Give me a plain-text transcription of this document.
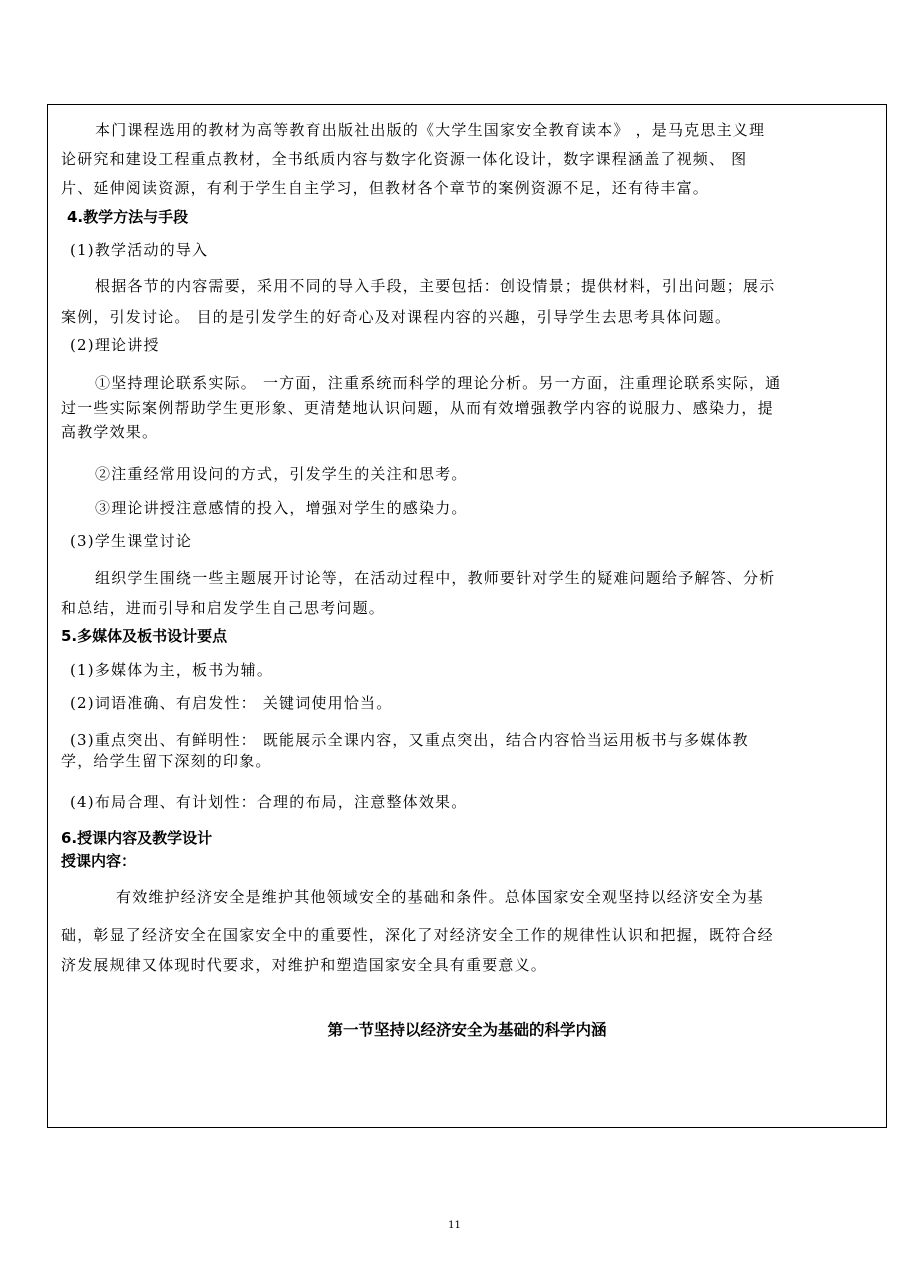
本门课程选用的教材为高等教育出版社出版的《大学生国家安全教育读本》 ，是马克思主义理
论研究和建设工程重点教材，全书纸质内容与数字化资源一体化设计，数字课程涵盖了视频、 图
片、延伸阅读资源，有利于学生自主学习，但教材各个章节的案例资源不足，还有待丰富。
4.教学方法与手段
(1)教学活动的导入
根据各节的内容需要，采用不同的导入手段，主要包括：创设情景；提供材料，引出问题；展示
案例，引发讨论。 目的是引发学生的好奇心及对课程内容的兴趣，引导学生去思考具体问题。
(2)理论讲授
①坚持理论联系实际。 一方面，注重系统而科学的理论分析。另一方面，注重理论联系实际，通
过一些实际案例帮助学生更形象、更清楚地认识问题，从而有效增强教学内容的说服力、感染力，提
高教学效果。
②注重经常用设问的方式，引发学生的关注和思考。
③理论讲授注意感情的投入，增强对学生的感染力。
(3)学生课堂讨论
组织学生围绕一些主题展开讨论等，在活动过程中，教师要针对学生的疑难问题给予解答、分析
和总结，进而引导和启发学生自己思考问题。
5.多媒体及板书设计要点
(1)多媒体为主，板书为辅。
(2)词语准确、有启发性： 关键词使用恰当。
(3)重点突出、有鲜明性： 既能展示全课内容，又重点突出，结合内容恰当运用板书与多媒体教
学，给学生留下深刻的印象。
(4)布局合理、有计划性：合理的布局，注意整体效果。
6.授课内容及教学设计
授课内容：
有效维护经济安全是维护其他领域安全的基础和条件。总体国家安全观坚持以经济安全为基
础，彰显了经济安全在国家安全中的重要性，深化了对经济安全工作的规律性认识和把握，既符合经
济发展规律又体现时代要求，对维护和塑造国家安全具有重要意义。
第一节坚持以经济安全为基础的科学内涵
11
